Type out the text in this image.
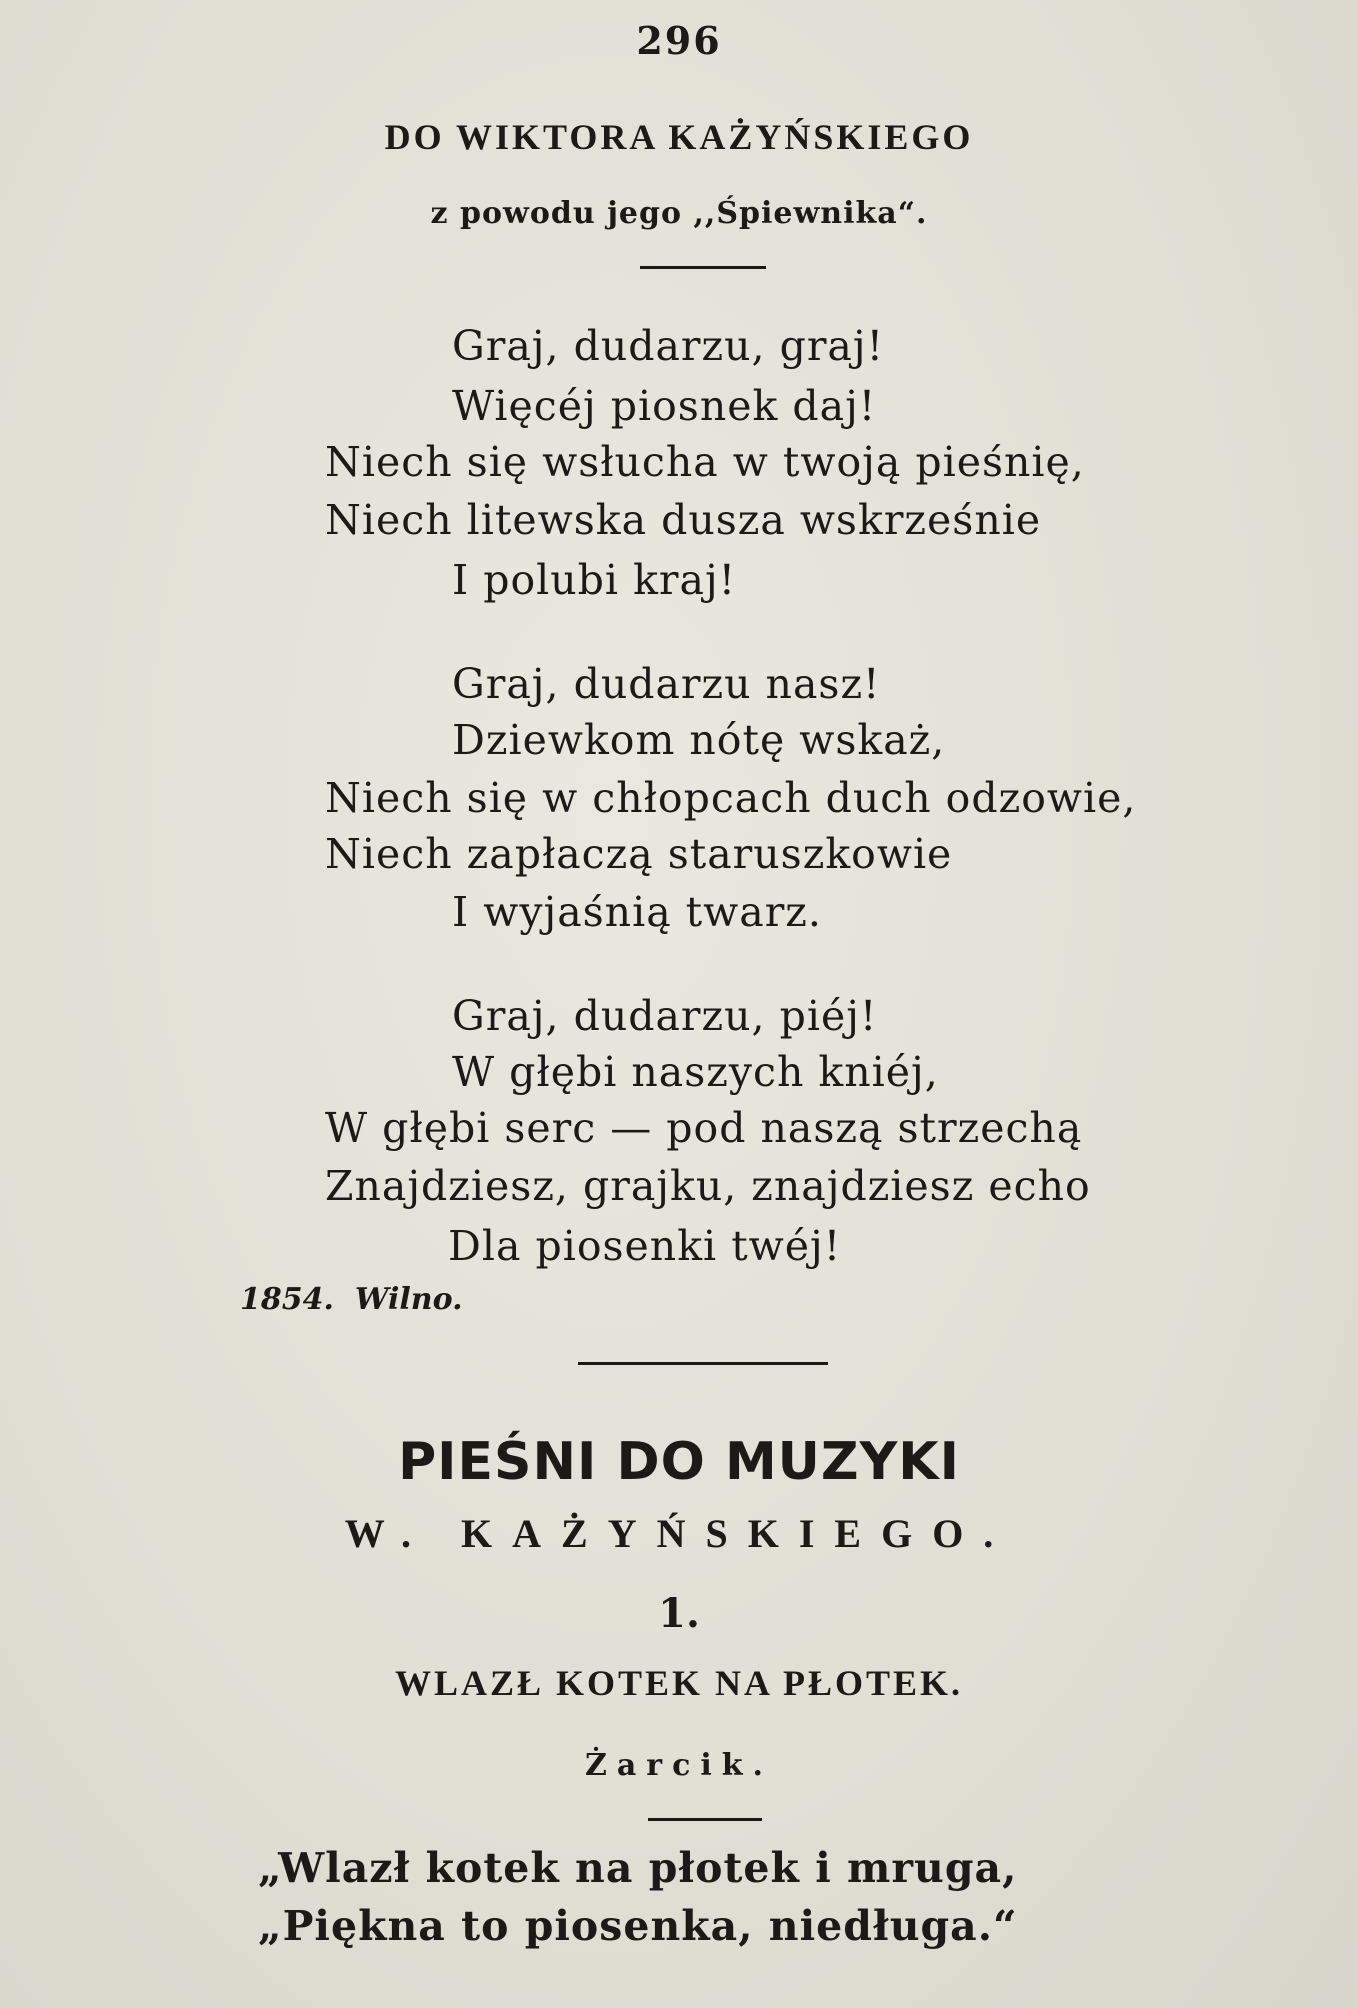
296
DO WIKTORA KAŻYŃSKIEGO
z powodu jego ,,Śpiewnika“.
Graj, dudarzu, graj!
Więcéj piosnek daj!
Niech się wsłucha w twoją pieśnię,
Niech litewska dusza wskrześnie
I polubi kraj!
Graj, dudarzu nasz!
Dziewkom nótę wskaż,
Niech się w chłopcach duch odzowie,
Niech zapłaczą staruszkowie
I wyjaśnią twarz.
Graj, dudarzu, piéj!
W głębi naszych kniéj,
W głębi serc — pod naszą strzechą
Znajdziesz, grajku, znajdziesz echo
Dla piosenki twéj!
1854. Wilno.
PIEŚNI DO MUZYKI
W. KAŻYŃSKIEGO.
1.
WLAZŁ KOTEK NA PŁOTEK.
Żarcik.
„Wlazł kotek na płotek i mruga,
„Piękna to piosenka, niedługa.“
